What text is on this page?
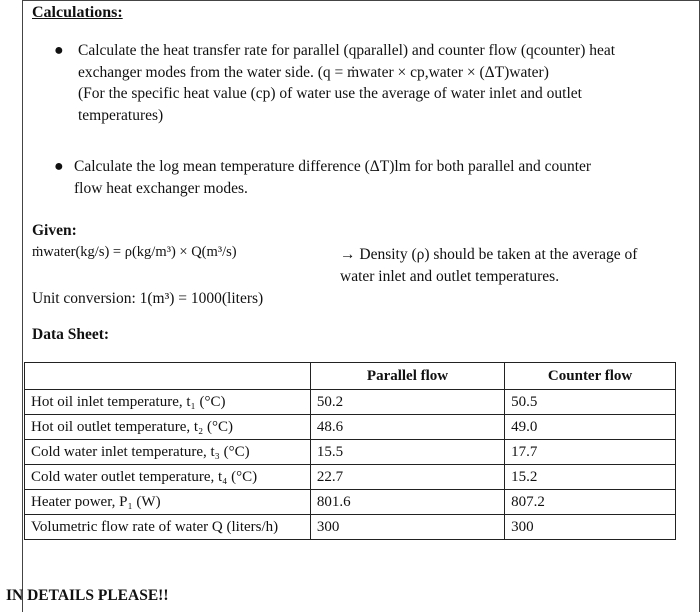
Calculations:
● Calculate the heat transfer rate for parallel (qparallel) and counter flow (qcounter) heat
exchanger modes from the water side. (q = ṁwater × cp,water × (ΔT)water)
(For the specific heat value (cp) of water use the average of water inlet and outlet
temperatures)
● Calculate the log mean temperature difference (ΔT)lm for both parallel and counter
flow heat exchanger modes.
Given:
ṁwater(kg/s) = ρ(kg/m³) × Q(m³/s)	→ Density (ρ) should be taken at the average of water inlet and outlet temperatures.
Unit conversion: 1(m³) = 1000(liters)
Data Sheet:
	Parallel flow	Counter flow
Hot oil inlet temperature, t₁ (°C)	50.2	50.5
Hot oil outlet temperature, t₂ (°C)	48.6	49.0
Cold water inlet temperature, t₃ (°C)	15.5	17.7
Cold water outlet temperature, t₄ (°C)	22.7	15.2
Heater power, P₁ (W)	801.6	807.2
Volumetric flow rate of water Q (liters/h)	300	300
IN DETAILS PLEASE!!
